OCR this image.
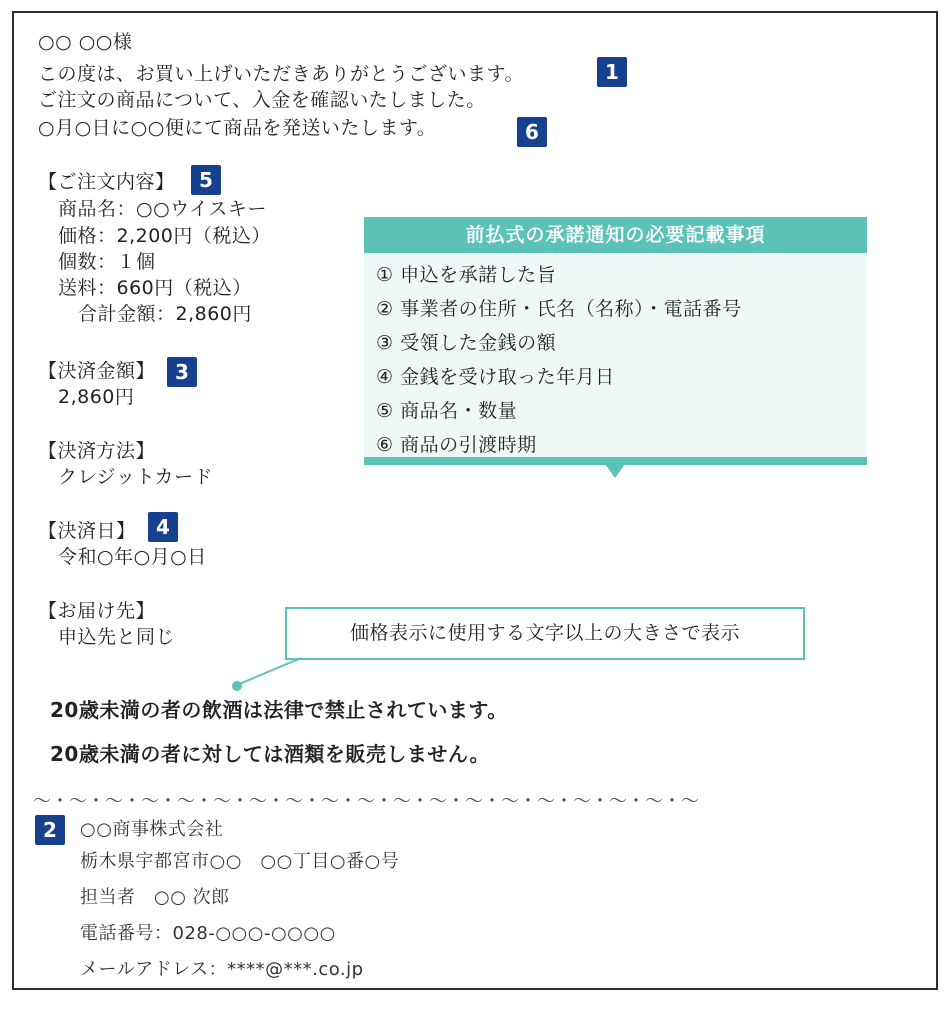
○○ ○○様
この度は、お買い上げいただきありがとうございます。	1
ご注文の商品について、入金を確認いたしました。
○月○日に○○便にて商品を発送いたします。	6
【ご注文内容】	5
商品名：○○ウイスキー
価格：2,200円（税込）
個数：１個
送料：660円（税込）
合計金額：2,860円
【決済金額】	3
2,860円
【決済方法】
クレジットカード
【決済日】	4
令和○年○月○日
【お届け先】
申込先と同じ
前払式の承諾通知の必要記載事項
① 申込を承諾した旨
② 事業者の住所・氏名（名称）・電話番号
③ 受領した金銭の額
④ 金銭を受け取った年月日
⑤ 商品名・数量
⑥ 商品の引渡時期
価格表示に使用する文字以上の大きさで表示
20歳未満の者の飲酒は法律で禁止されています。
20歳未満の者に対しては酒類を販売しません。
～・～・～・～・～・～・～・～・～・～・～・～・～・～・～・～・～・～・～
2	○○商事株式会社
栃木県宇都宮市○○　○○丁目○番○号
担当者　○○ 次郎
電話番号：028-○○○-○○○○
メールアドレス：****@***.co.jp
